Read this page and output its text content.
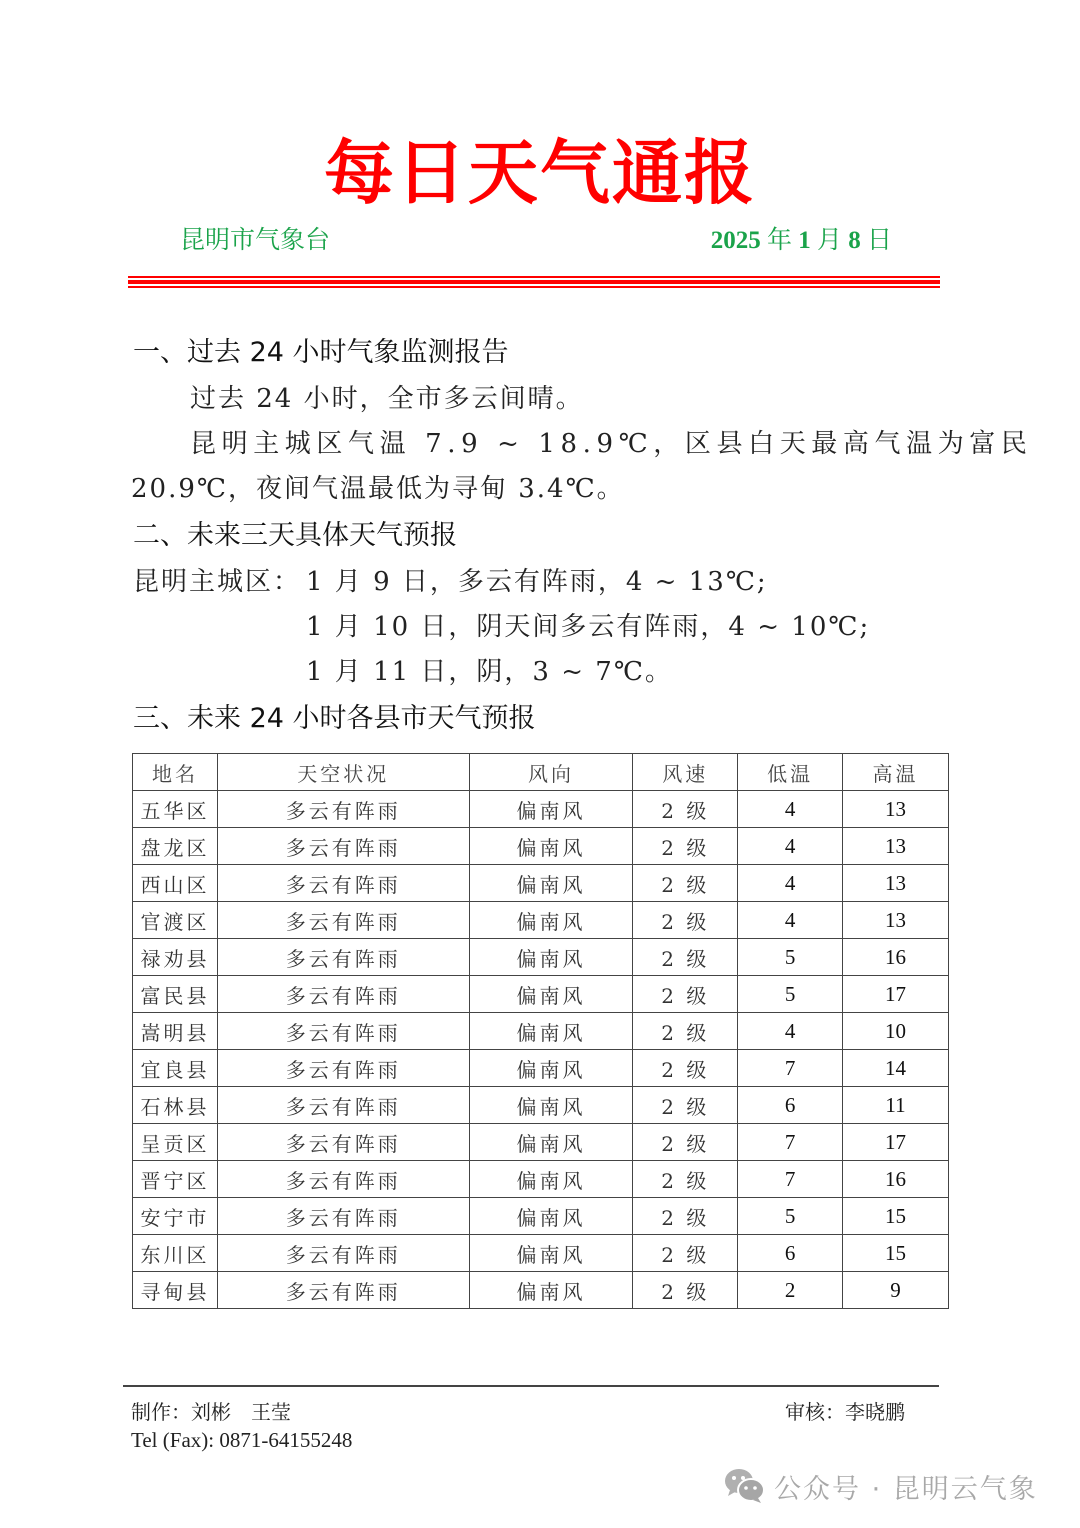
每日天气通报
昆明市气象台	2025 年 1 月 8 日
一、过去 24 小时气象监测报告
过去 24 小时，全市多云间晴。
昆明主城区气温 7.9 ~ 18.9℃，区县白天最高气温为富民
20.9℃，夜间气温最低为寻甸 3.4℃。
二、未来三天具体天气预报
昆明主城区： 1 月 9 日，多云有阵雨，4 ~ 13℃;
1 月 10 日，阴天间多云有阵雨，4 ~ 10℃;
1 月 11 日，阴，3 ~ 7℃。
三、未来 24 小时各县市天气预报
地名	天空状况	风向	风速	低温	高温
五华区	多云有阵雨	偏南风	2 级	4	13
盘龙区	多云有阵雨	偏南风	2 级	4	13
西山区	多云有阵雨	偏南风	2 级	4	13
官渡区	多云有阵雨	偏南风	2 级	4	13
禄劝县	多云有阵雨	偏南风	2 级	5	16
富民县	多云有阵雨	偏南风	2 级	5	17
嵩明县	多云有阵雨	偏南风	2 级	4	10
宜良县	多云有阵雨	偏南风	2 级	7	14
石林县	多云有阵雨	偏南风	2 级	6	11
呈贡区	多云有阵雨	偏南风	2 级	7	17
晋宁区	多云有阵雨	偏南风	2 级	7	16
安宁市	多云有阵雨	偏南风	2 级	5	15
东川区	多云有阵雨	偏南风	2 级	6	15
寻甸县	多云有阵雨	偏南风	2 级	2	9
制作：刘彬　王莹	审核：李晓鹏
Tel (Fax): 0871-64155248
公众号 · 昆明云气象
